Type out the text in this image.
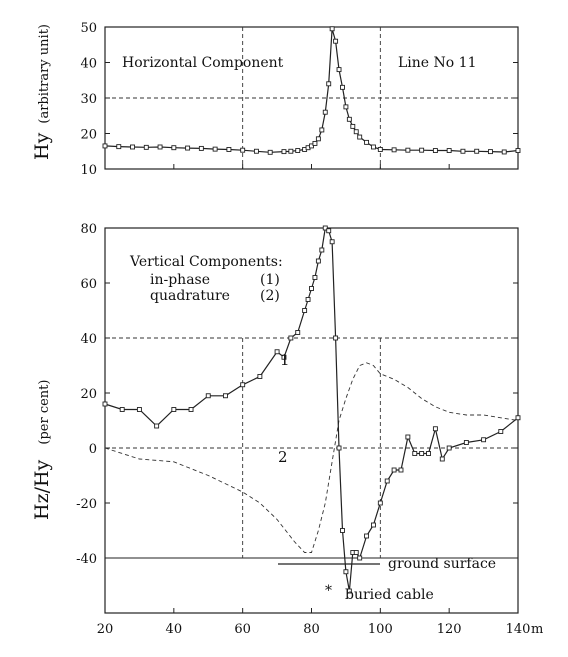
10
20
30
40
50
Horizontal Component	Line No 11
Hy (arbitrary unit)
-40
-20
0
20
40
60
80
20	40	60	80	100	120	140
Vertical Components:
in-phase	(1)
quadrature (2)
1
2
ground surface
* buried cable
Hz/Hy (per cent)
m
